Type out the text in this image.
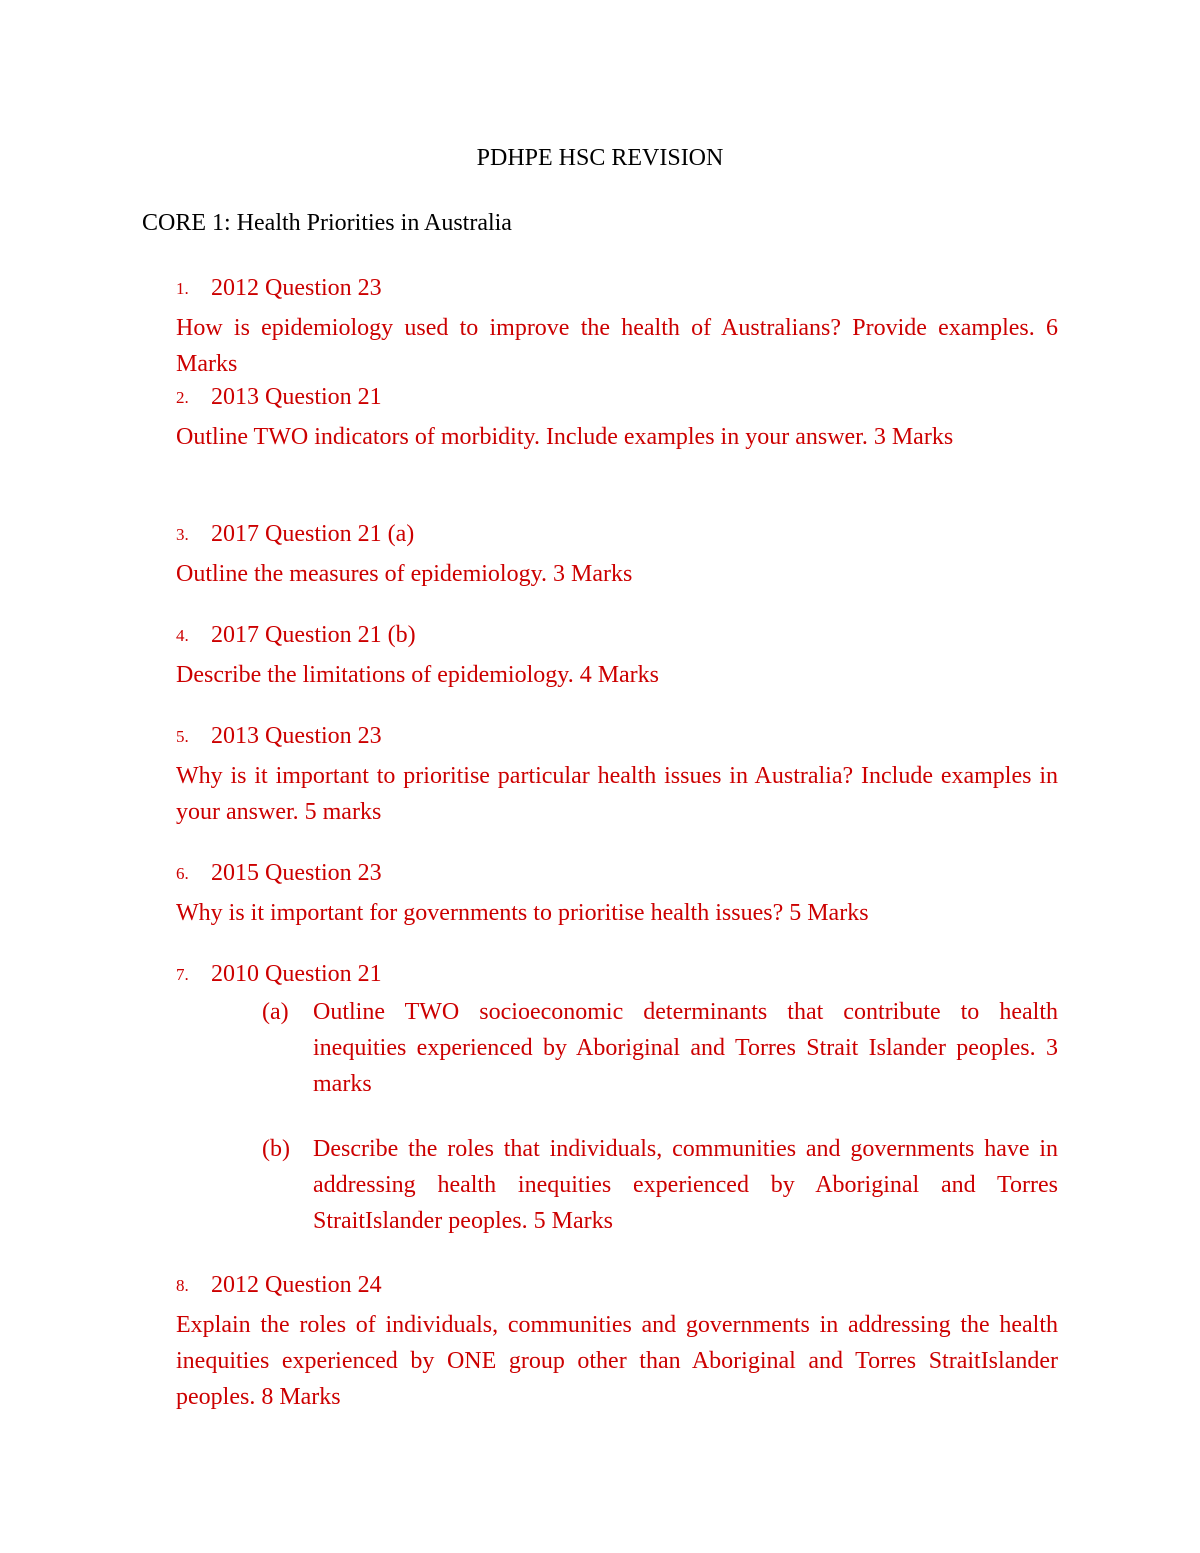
PDHPE HSC REVISION
CORE 1: Health Priorities in Australia
1. 2012 Question 23
How is epidemiology used to improve the health of Australians? Provide examples. 6 Marks
2. 2013 Question 21
Outline TWO indicators of morbidity. Include examples in your answer. 3 Marks
3. 2017 Question 21 (a)
Outline the measures of epidemiology. 3 Marks
4. 2017 Question 21 (b)
Describe the limitations of epidemiology. 4 Marks
5. 2013 Question 23
Why is it important to prioritise particular health issues in Australia? Include examples in your answer. 5 marks
6. 2015 Question 23
Why is it important for governments to prioritise health issues? 5 Marks
7. 2010 Question 21
(a) Outline TWO socioeconomic determinants that contribute to health inequities experienced by Aboriginal and Torres Strait Islander peoples. 3 marks
(b) Describe the roles that individuals, communities and governments have in addressing health inequities experienced by Aboriginal and Torres StraitIslander peoples. 5 Marks
8. 2012 Question 24
Explain the roles of individuals, communities and governments in addressing the health inequities experienced by ONE group other than Aboriginal and Torres StraitIslander peoples. 8 Marks
